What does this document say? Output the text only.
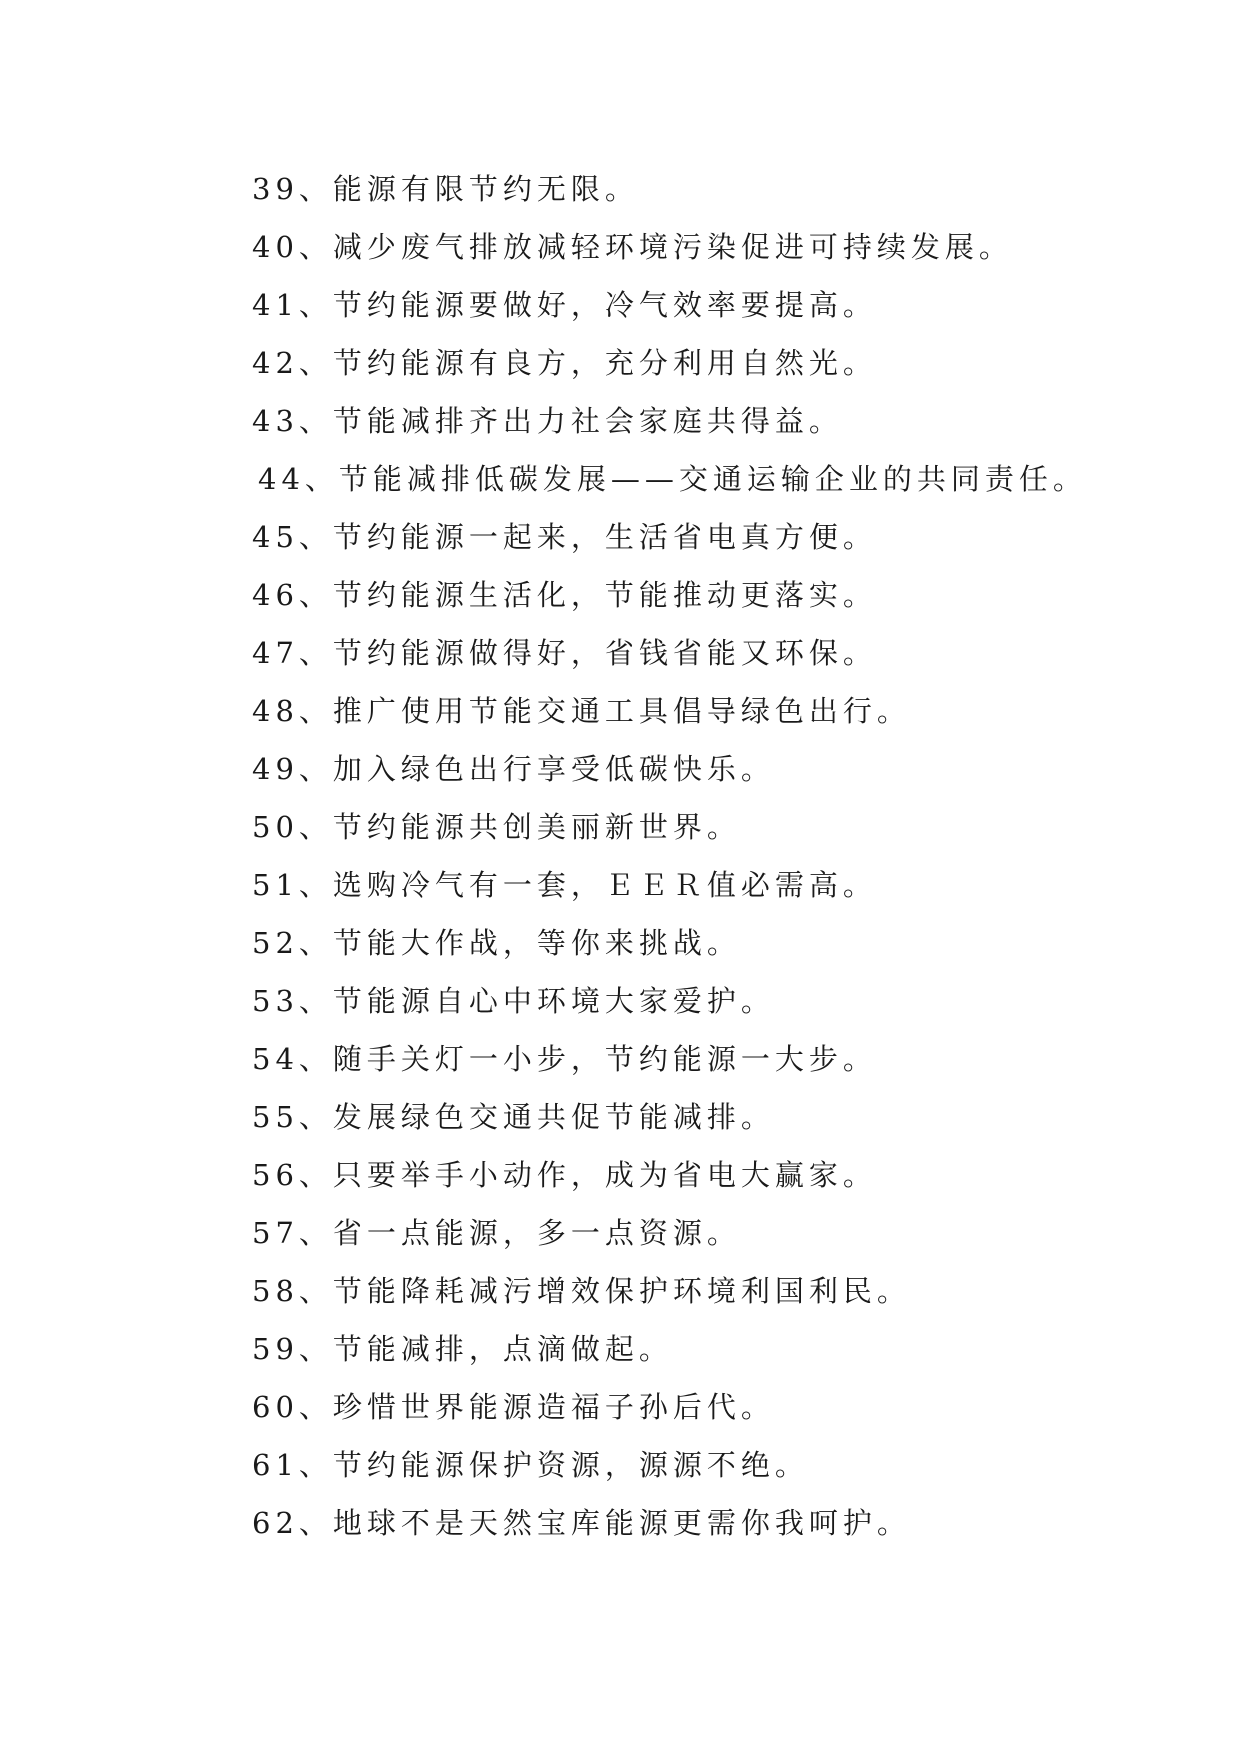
39、能源有限节约无限。
40、减少废气排放减轻环境污染促进可持续发展。
41、节约能源要做好，冷气效率要提高。
42、节约能源有良方，充分利用自然光。
43、节能减排齐出力社会家庭共得益。
44、节能减排低碳发展——交通运输企业的共同责任。
45、节约能源一起来，生活省电真方便。
46、节约能源生活化，节能推动更落实。
47、节约能源做得好，省钱省能又环保。
48、推广使用节能交通工具倡导绿色出行。
49、加入绿色出行享受低碳快乐。
50、节约能源共创美丽新世界。
51、选购冷气有一套，ＥＥＲ值必需高。
52、节能大作战，等你来挑战。
53、节能源自心中环境大家爱护。
54、随手关灯一小步，节约能源一大步。
55、发展绿色交通共促节能减排。
56、只要举手小动作，成为省电大赢家。
57、省一点能源，多一点资源。
58、节能降耗减污增效保护环境利国利民。
59、节能减排，点滴做起。
60、珍惜世界能源造福子孙后代。
61、节约能源保护资源，源源不绝。
62、地球不是天然宝库能源更需你我呵护。
